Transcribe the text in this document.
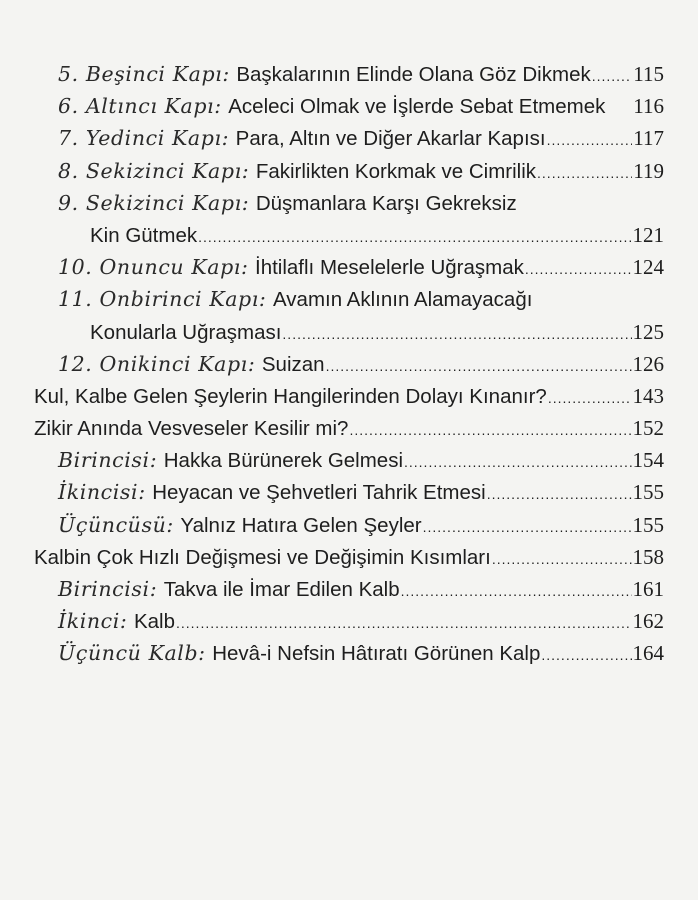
5. Beşinci Kapı: Başkalarının Elinde Olana Göz Dikmek ..... 115
6. Altıncı Kapı: Aceleci Olmak ve İşlerde Sebat Etmemek 116
7. Yedinci Kapı: Para, Altın ve Diğer Akarlar Kapısı .....	117
8. Sekizinci Kapı: Fakirlikten Korkmak ve Cimrilik .....	119
9. Sekizinci Kapı: Düşmanlara Karşı Gekreksiz
Kin Gütmek .....	121
10. Onuncu Kapı: İhtilaflı Meselelerle Uğraşmak .....	124
11. Onbirinci Kapı: Avamın Aklının Alamayacağı
Konularla Uğraşması .....	125
12. Onikinci Kapı: Suizan .....	126
Kul, Kalbe Gelen Şeylerin Hangilerinden Dolayı Kınanır? .....	143
Zikir Anında Vesveseler Kesilir mi? .....	152
Birincisi: Hakka Bürünerek Gelmesi .....	154
İkincisi: Heyacan ve Şehvetleri Tahrik Etmesi .....	155
Üçüncüsü: Yalnız Hatıra Gelen Şeyler .....	155
Kalbin Çok Hızlı Değişmesi ve Değişimin Kısımları .....	158
Birincisi: Takva ile İmar Edilen Kalb .....	161
İkinci: Kalb .....	162
Üçüncü Kalb: Hevâ-i Nefsin Hâtıratı Görünen Kalp .....	164
